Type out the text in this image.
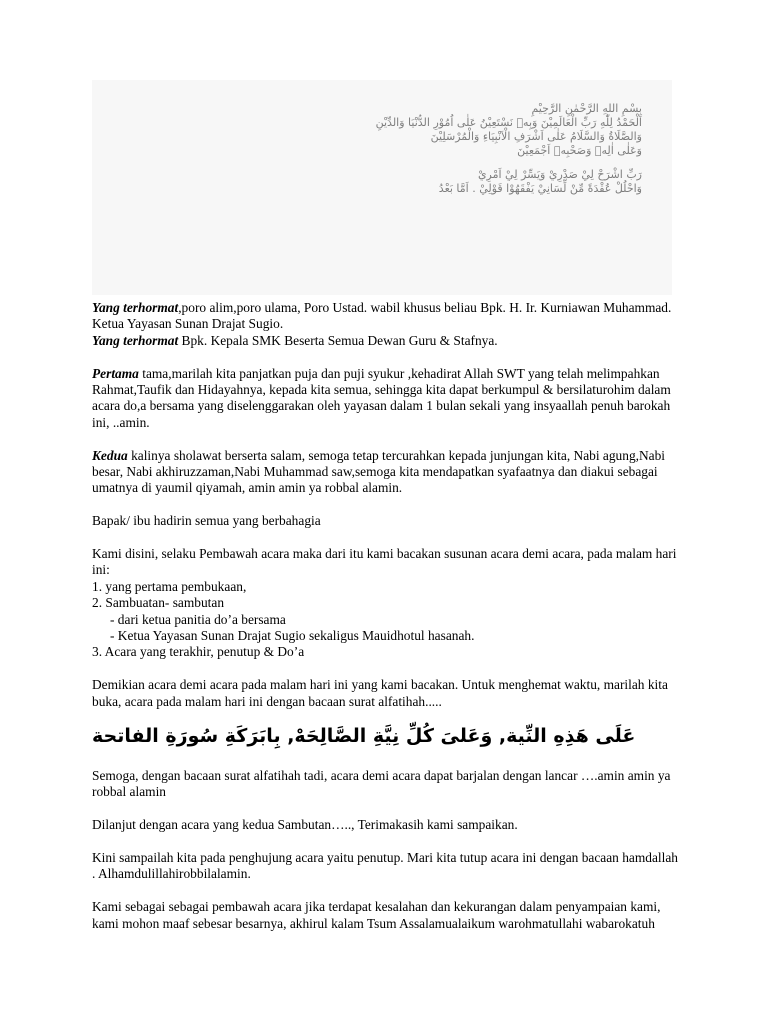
بِسْمِ اللهِ الرَّحْمٰنِ الرَّحِيْمِ
اَلْحَمْدُ لِلّٰهِ رَبِّ الْعَالَمِيْنَ وَبِهٖ نَسْتَعِيْنُ عَلٰى اُمُوْرِ الدُّنْيَا وَالدِّيْنِ
وَالصَّلَاةُ وَالسَّلَامُ عَلٰى اَشْرَفِ الْاَنْبِيَاءِ وَالْمُرْسَلِيْنَ
وَعَلٰى اٰلِهٖ وَصَحْبِهٖ اَجْمَعِيْنَ
رَبِّ اشْرَحْ لِيْ صَدْرِيْ وَيَسِّرْ لِيْ اَمْرِيْ
وَاحْلُلْ عُقْدَةً مِّنْ لِّسَانِيْ يَفْقَهُوْا قَوْلِيْ . اَمَّا بَعْدُ

Yang terhormat,poro alim,poro ulama, Poro Ustad. wabil khusus beliau Bpk. H. Ir. Kurniawan Muhammad. Ketua Yayasan Sunan Drajat Sugio.
Yang terhormat Bpk. Kepala SMK Beserta Semua Dewan Guru & Stafnya.

Pertama tama,marilah kita panjatkan puja dan puji syukur ,kehadirat Allah SWT yang telah melimpahkan Rahmat,Taufik dan Hidayahnya, kepada kita semua, sehingga kita dapat berkumpul & bersilaturohim dalam acara do,a bersama yang diselenggarakan oleh yayasan dalam 1 bulan sekali yang insyaallah penuh barokah ini, ..amin.

Kedua kalinya sholawat berserta salam, semoga tetap tercurahkan kepada junjungan kita, Nabi agung,Nabi besar, Nabi akhiruzzaman,Nabi Muhammad saw,semoga kita mendapatkan syafaatnya dan diakui sebagai umatnya di yaumil qiyamah, amin amin ya robbal alamin.

Bapak/ ibu hadirin semua yang berbahagia

Kami disini, selaku Pembawah acara maka dari itu kami bacakan susunan acara demi acara, pada malam hari ini:
1. yang pertama pembukaan,
2. Sambuatan- sambutan
- dari ketua panitia do’a bersama
- Ketua Yayasan Sunan Drajat Sugio sekaligus Mauidhotul hasanah.
3. Acara yang terakhir, penutup & Do’a

Demikian acara demi acara pada malam hari ini yang kami bacakan. Untuk menghemat waktu, marilah kita buka, acara pada malam hari ini dengan bacaan surat alfatihah.....

عَلَى هَذِهِ النِّية, وَعَلىَ كُلِّ نِيَّةِ الصَّالِحَهْ, بِابَرَكَةِ سُورَةِ الفاتحة

Semoga, dengan bacaan surat alfatihah tadi, acara demi acara dapat barjalan dengan lancar ….amin amin ya robbal alamin

Dilanjut dengan acara yang kedua Sambutan….., Terimakasih kami sampaikan.

Kini sampailah kita pada penghujung acara yaitu penutup. Mari kita tutup acara ini dengan bacaan hamdallah . Alhamdulillahirobbilalamin.

Kami sebagai sebagai pembawah acara jika terdapat kesalahan dan kekurangan dalam penyampaian kami, kami mohon maaf sebesar besarnya, akhirul kalam Tsum Assalamualaikum warohmatullahi wabarokatuh
